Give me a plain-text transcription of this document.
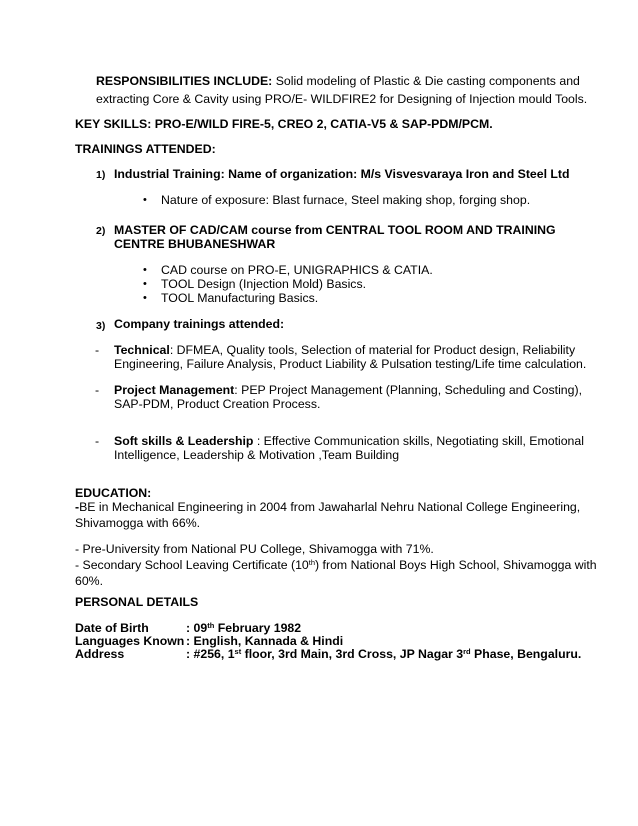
RESPONSIBILITIES INCLUDE: Solid modeling of Plastic & Die casting components and
extracting Core & Cavity using PRO/E- WILDFIRE2 for Designing of Injection mould Tools.
KEY SKILLS: PRO-E/WILD FIRE-5, CREO 2, CATIA-V5 & SAP-PDM/PCM.
TRAININGS ATTENDED:
1) Industrial Training: Name of organization: M/s Visvesvaraya Iron and Steel Ltd
• Nature of exposure: Blast furnace, Steel making shop, forging shop.
2) MASTER OF CAD/CAM course from CENTRAL TOOL ROOM AND TRAINING
CENTRE BHUBANESHWAR
• CAD course on PRO-E, UNIGRAPHICS & CATIA.
• TOOL Design (Injection Mold) Basics.
• TOOL Manufacturing Basics.
3) Company trainings attended:
- Technical: DFMEA, Quality tools, Selection of material for Product design, Reliability
Engineering, Failure Analysis, Product Liability & Pulsation testing/Life time calculation.
- Project Management: PEP Project Management (Planning, Scheduling and Costing),
SAP-PDM, Product Creation Process.
- Soft skills & Leadership : Effective Communication skills, Negotiating skill, Emotional
Intelligence, Leadership & Motivation ,Team Building
EDUCATION:
-BE in Mechanical Engineering in 2004 from Jawaharlal Nehru National College Engineering,
Shivamogga with 66%.
- Pre-University from National PU College, Shivamogga with 71%.
- Secondary School Leaving Certificate (10th) from National Boys High School, Shivamogga with
60%.
PERSONAL DETAILS
Date of Birth	: 09th February 1982
Languages Known : English, Kannada & Hindi
Address	: #256, 1st floor, 3rd Main, 3rd Cross, JP Nagar 3rd Phase, Bengaluru.
